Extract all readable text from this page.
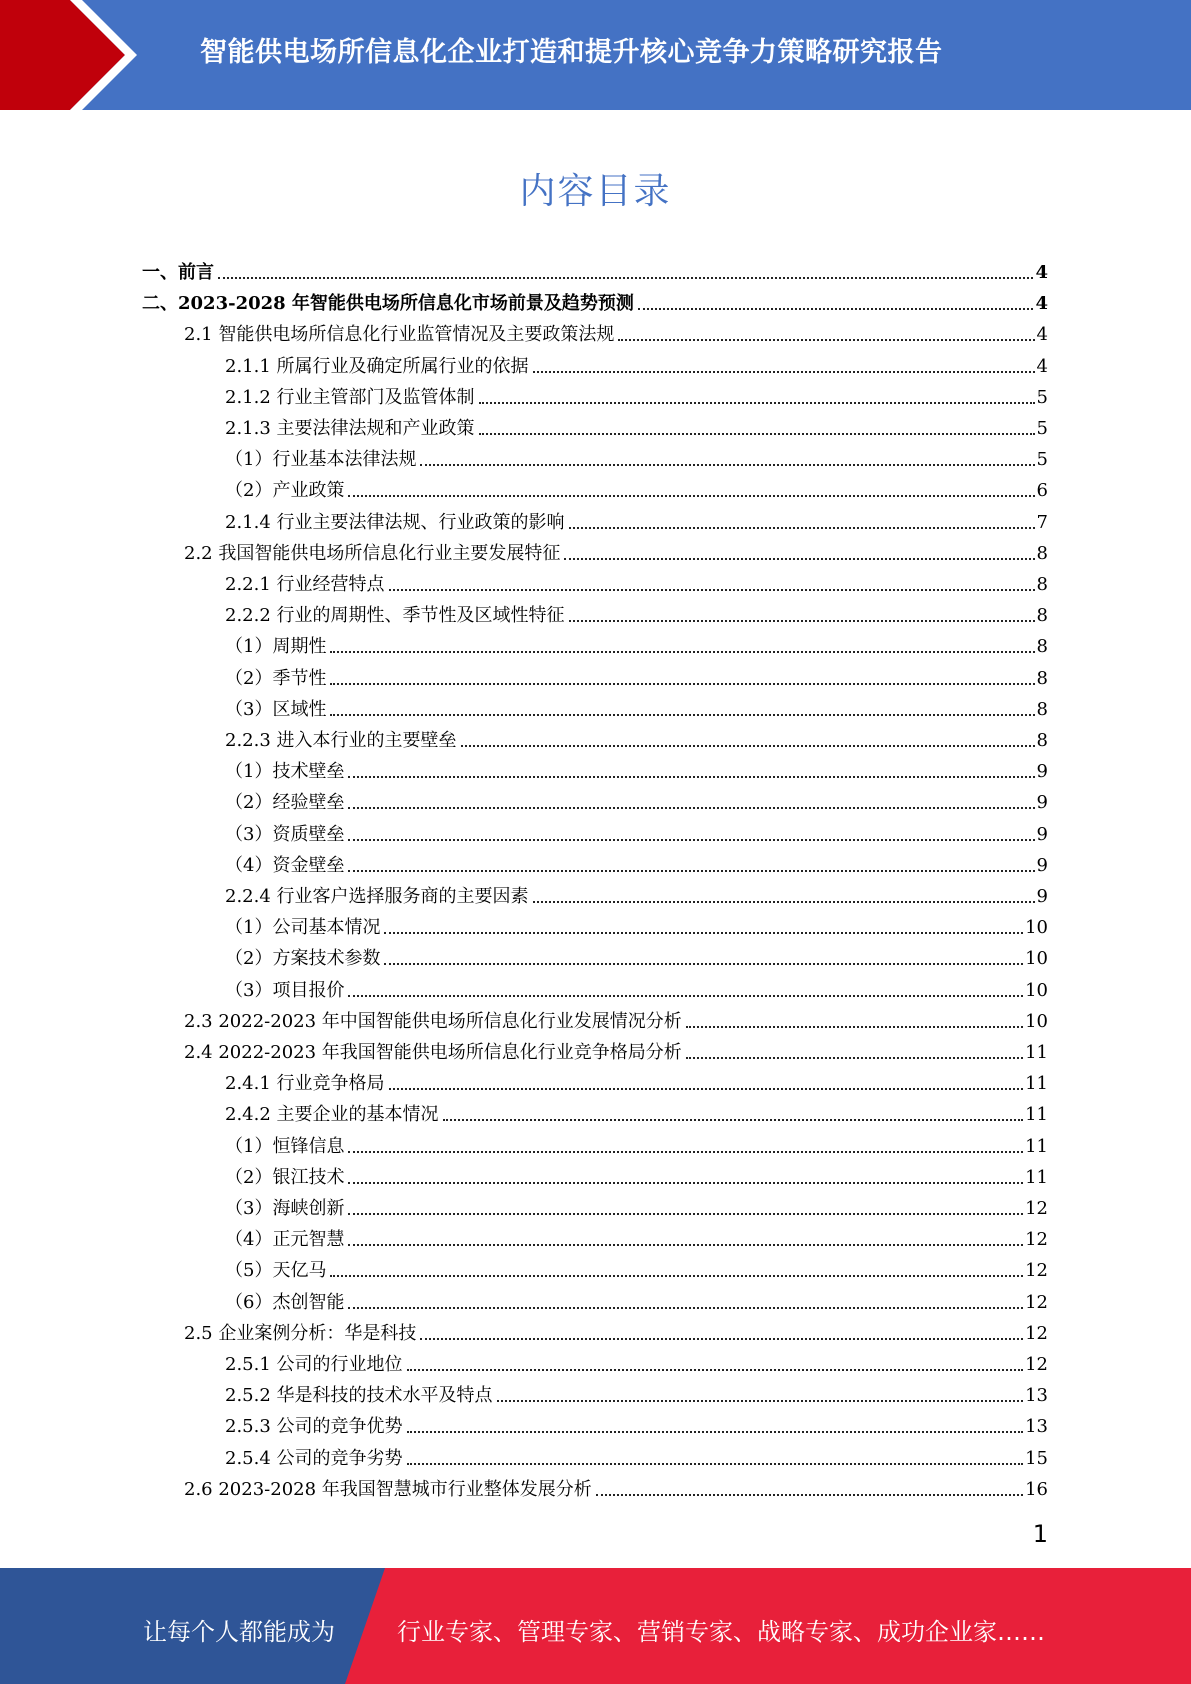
智能供电场所信息化企业打造和提升核心竞争力策略研究报告
内容目录
一、前言	4
二、2023-2028 年智能供电场所信息化市场前景及趋势预测	4
2.1 智能供电场所信息化行业监管情况及主要政策法规	4
2.1.1 所属行业及确定所属行业的依据	4
2.1.2 行业主管部门及监管体制	5
2.1.3 主要法律法规和产业政策	5
（1）行业基本法律法规	5
（2）产业政策	6
2.1.4 行业主要法律法规、行业政策的影响	7
2.2 我国智能供电场所信息化行业主要发展特征	8
2.2.1 行业经营特点	8
2.2.2 行业的周期性、季节性及区域性特征	8
（1）周期性	8
（2）季节性	8
（3）区域性	8
2.2.3 进入本行业的主要壁垒	8
（1）技术壁垒	9
（2）经验壁垒	9
（3）资质壁垒	9
（4）资金壁垒	9
2.2.4 行业客户选择服务商的主要因素	9
（1）公司基本情况	10
（2）方案技术参数	10
（3）项目报价	10
2.3 2022-2023 年中国智能供电场所信息化行业发展情况分析	10
2.4 2022-2023 年我国智能供电场所信息化行业竞争格局分析	11
2.4.1 行业竞争格局	11
2.4.2 主要企业的基本情况	11
（1）恒锋信息	11
（2）银江技术	11
（3）海峡创新	12
（4）正元智慧	12
（5）天亿马	12
（6）杰创智能	12
2.5 企业案例分析：华是科技	12
2.5.1 公司的行业地位	12
2.5.2 华是科技的技术水平及特点	13
2.5.3 公司的竞争优势	13
2.5.4 公司的竞争劣势	15
2.6 2023-2028 年我国智慧城市行业整体发展分析	16
1
让每个人都能成为	行业专家、管理专家、营销专家、战略专家、成功企业家……
